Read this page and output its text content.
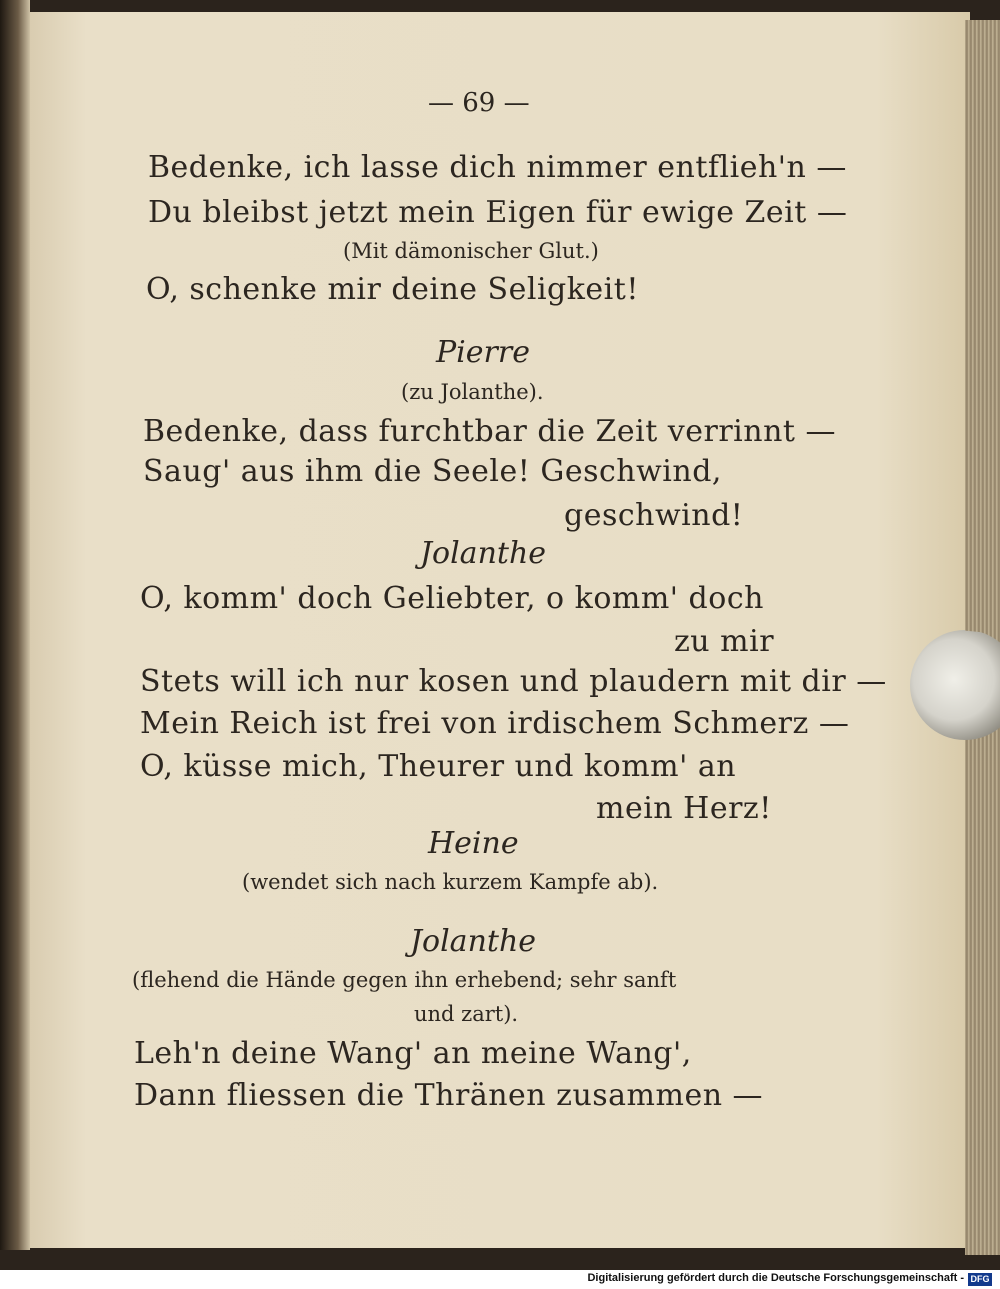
— 69 —
Bedenke, ich lasse dich nimmer entflieh'n —
Du bleibst jetzt mein Eigen für ewige Zeit —
(Mit dämonischer Glut.)
O, schenke mir deine Seligkeit!
Pierre
(zu Jolanthe).
Bedenke, dass furchtbar die Zeit verrinnt —
Saug' aus ihm die Seele! Geschwind,
geschwind!
Jolanthe
O, komm' doch Geliebter, o komm' doch
zu mir
Stets will ich nur kosen und plaudern mit dir —
Mein Reich ist frei von irdischem Schmerz —
O, küsse mich, Theurer und komm' an
mein Herz!
Heine
(wendet sich nach kurzem Kampfe ab).
Jolanthe
(flehend die Hände gegen ihn erhebend; sehr sanft
und zart).
Leh'n deine Wang' an meine Wang',
Dann fliessen die Thränen zusammen —
Digitalisierung gefördert durch die Deutsche Forschungsgemeinschaft - DFG
